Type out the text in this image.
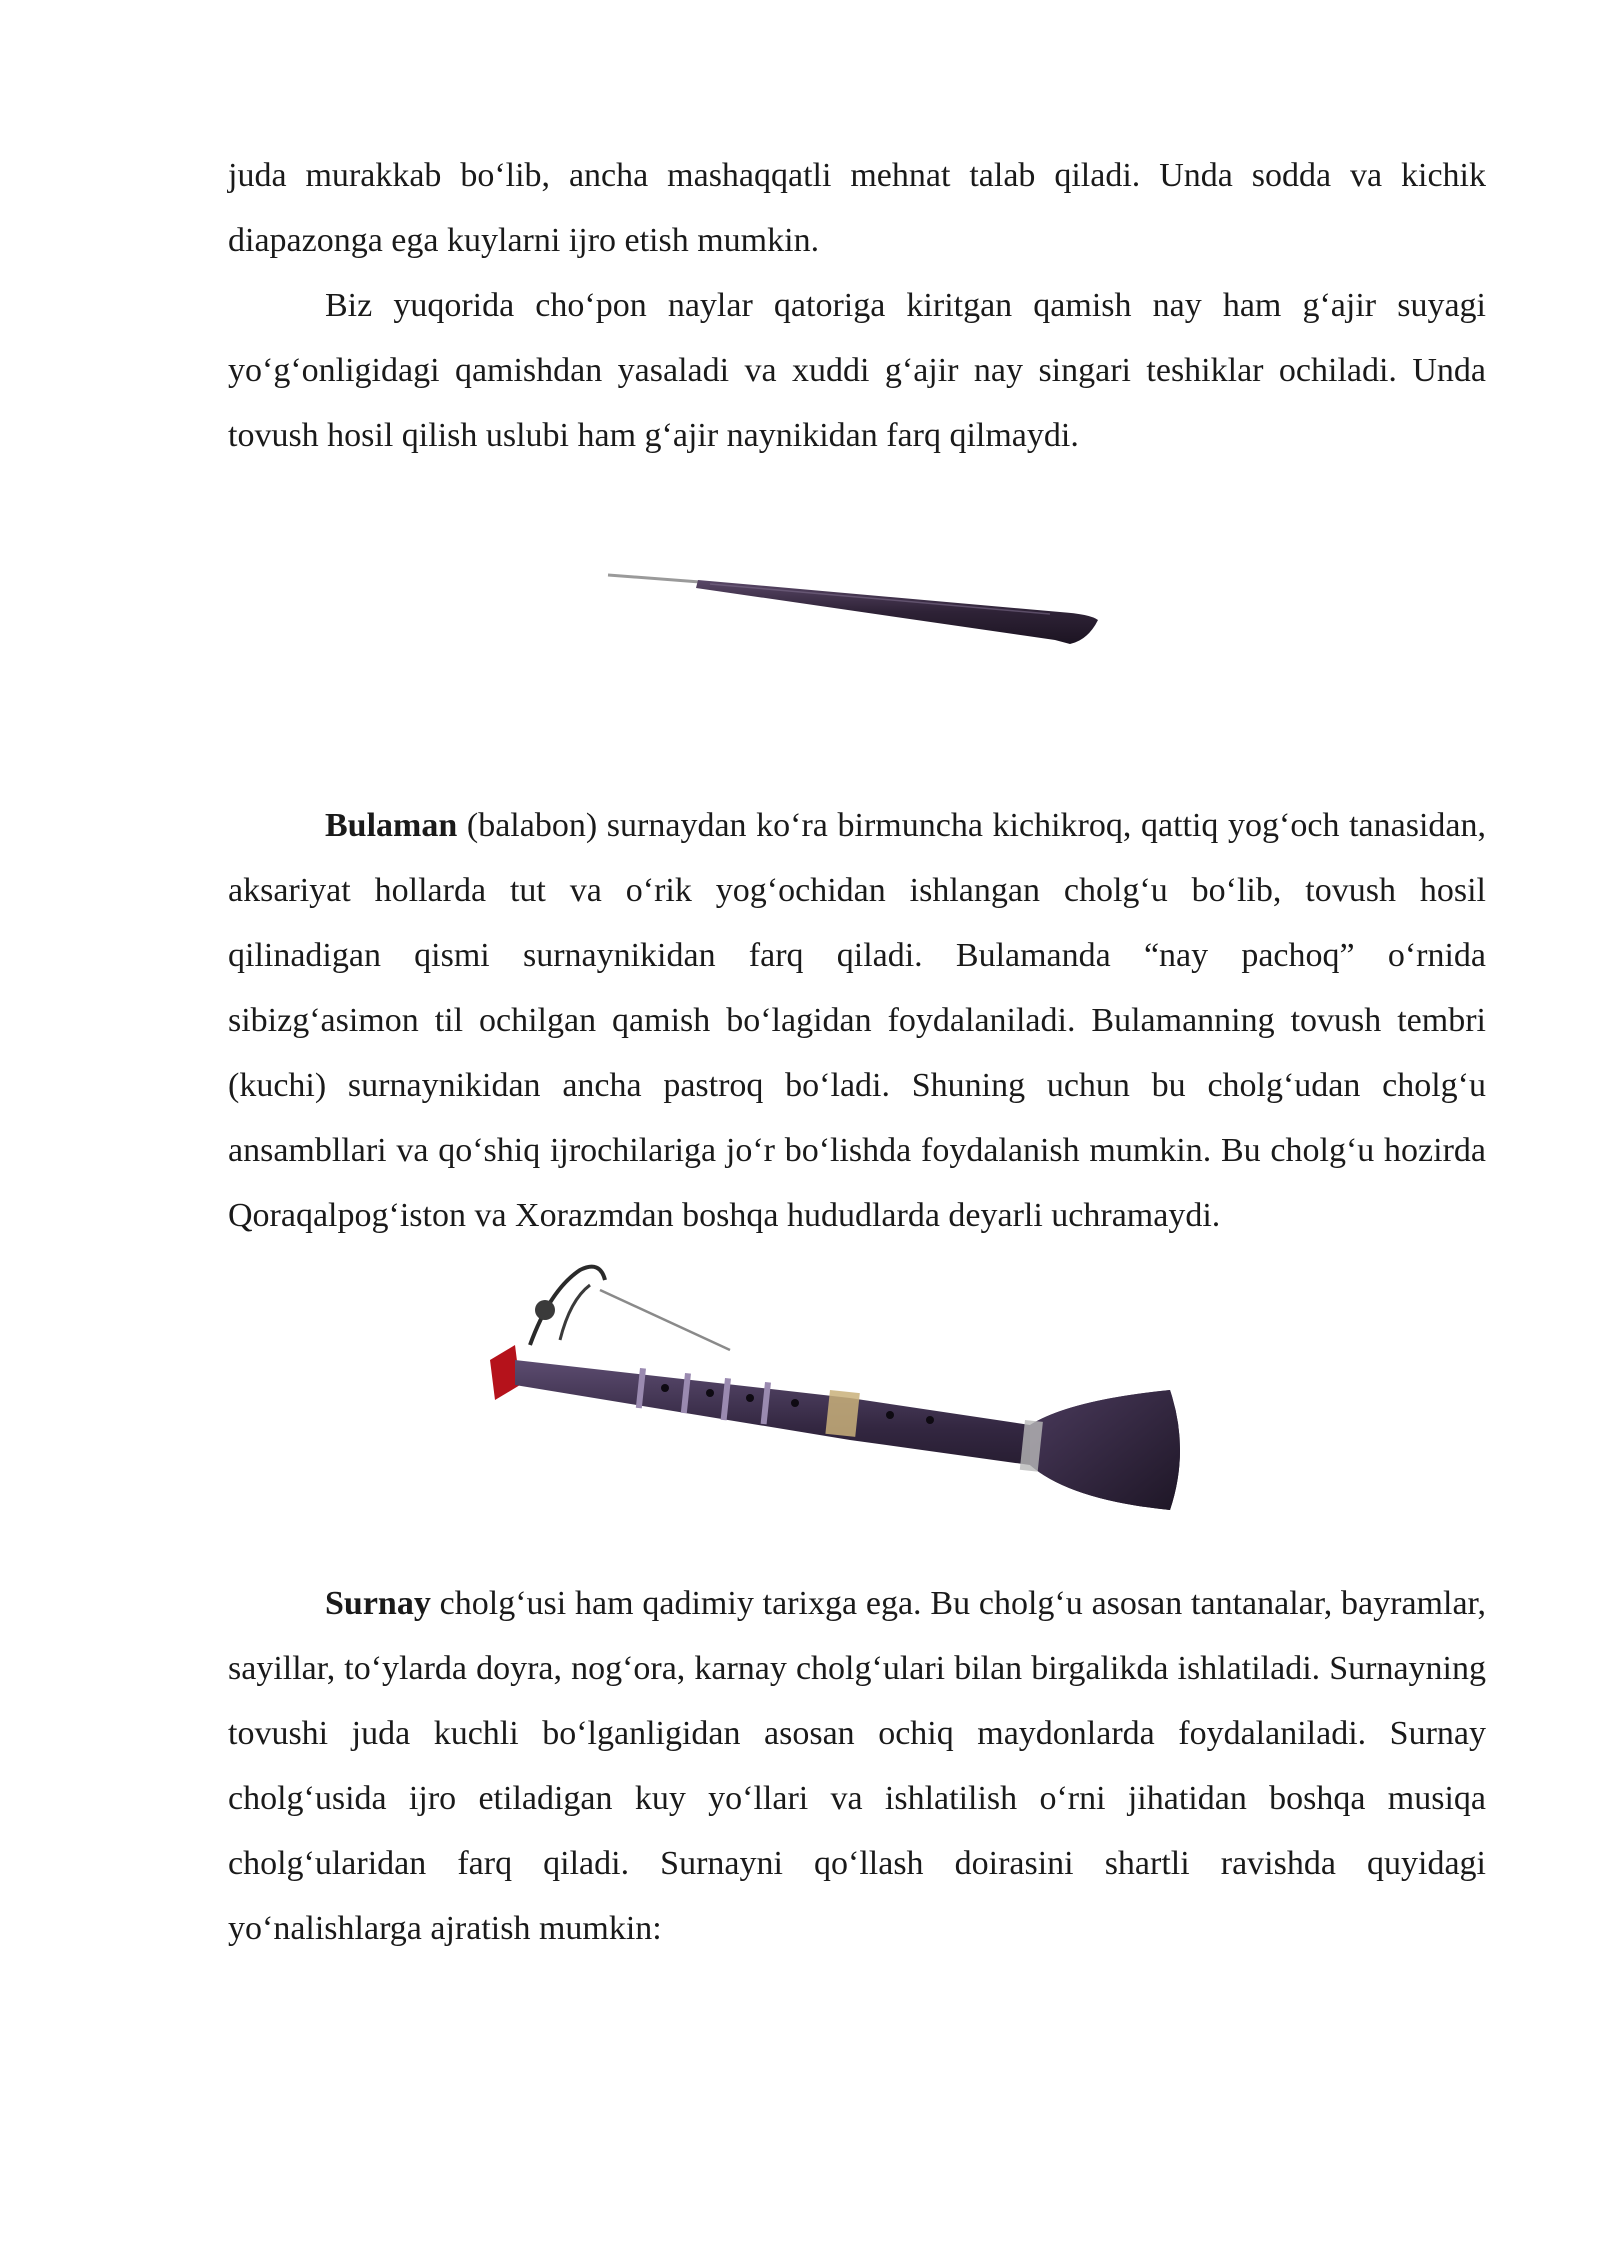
juda murakkab bo‘lib, ancha mashaqqatli mehnat talab qiladi. Unda sodda va kichik diapazonga ega kuylarni ijro etish mumkin.

Biz yuqorida cho‘pon naylar qatoriga kiritgan qamish nay ham g‘ajir suyagi yo‘g‘onligidagi qamishdan yasaladi va xuddi g‘ajir nay singari teshiklar ochiladi. Unda tovush hosil qilish uslubi ham g‘ajir naynikidan farq qilmaydi.

Bulaman (balabon) surnaydan ko‘ra birmuncha kichikroq, qattiq yog‘och tanasidan, aksariyat hollarda tut va o‘rik yog‘ochidan ishlangan cholg‘u bo‘lib, tovush hosil qilinadigan qismi surnaynikidan farq qiladi. Bulamanda “nay pachoq” o‘rnida sibizg‘asimon til ochilgan qamish bo‘lagidan foydalaniladi. Bulamanning tovush tembri (kuchi) surnaynikidan ancha pastroq bo‘ladi. Shuning uchun bu cholg‘udan cholg‘u ansambllari va qo‘shiq ijrochilariga jo‘r bo‘lishda foydalanish mumkin. Bu cholg‘u hozirda Qoraqalpog‘iston va Xorazmdan boshqa hududlarda deyarli uchramaydi.

Surnay cholg‘usi ham qadimiy tarixga ega. Bu cholg‘u asosan tantanalar, bayramlar, sayillar, to‘ylarda doyra, nog‘ora, karnay cholg‘ulari bilan birgalikda ishlatiladi. Surnayning tovushi juda kuchli bo‘lganligidan asosan ochiq maydonlarda foydalaniladi. Surnay cholg‘usida ijro etiladigan kuy yo‘llari va ishlatilish o‘rni jihatidan boshqa musiqa cholg‘ularidan farq qiladi. Surnayni qo‘llash doirasini shartli ravishda quyidagi yo‘nalishlarga ajratish mumkin:
